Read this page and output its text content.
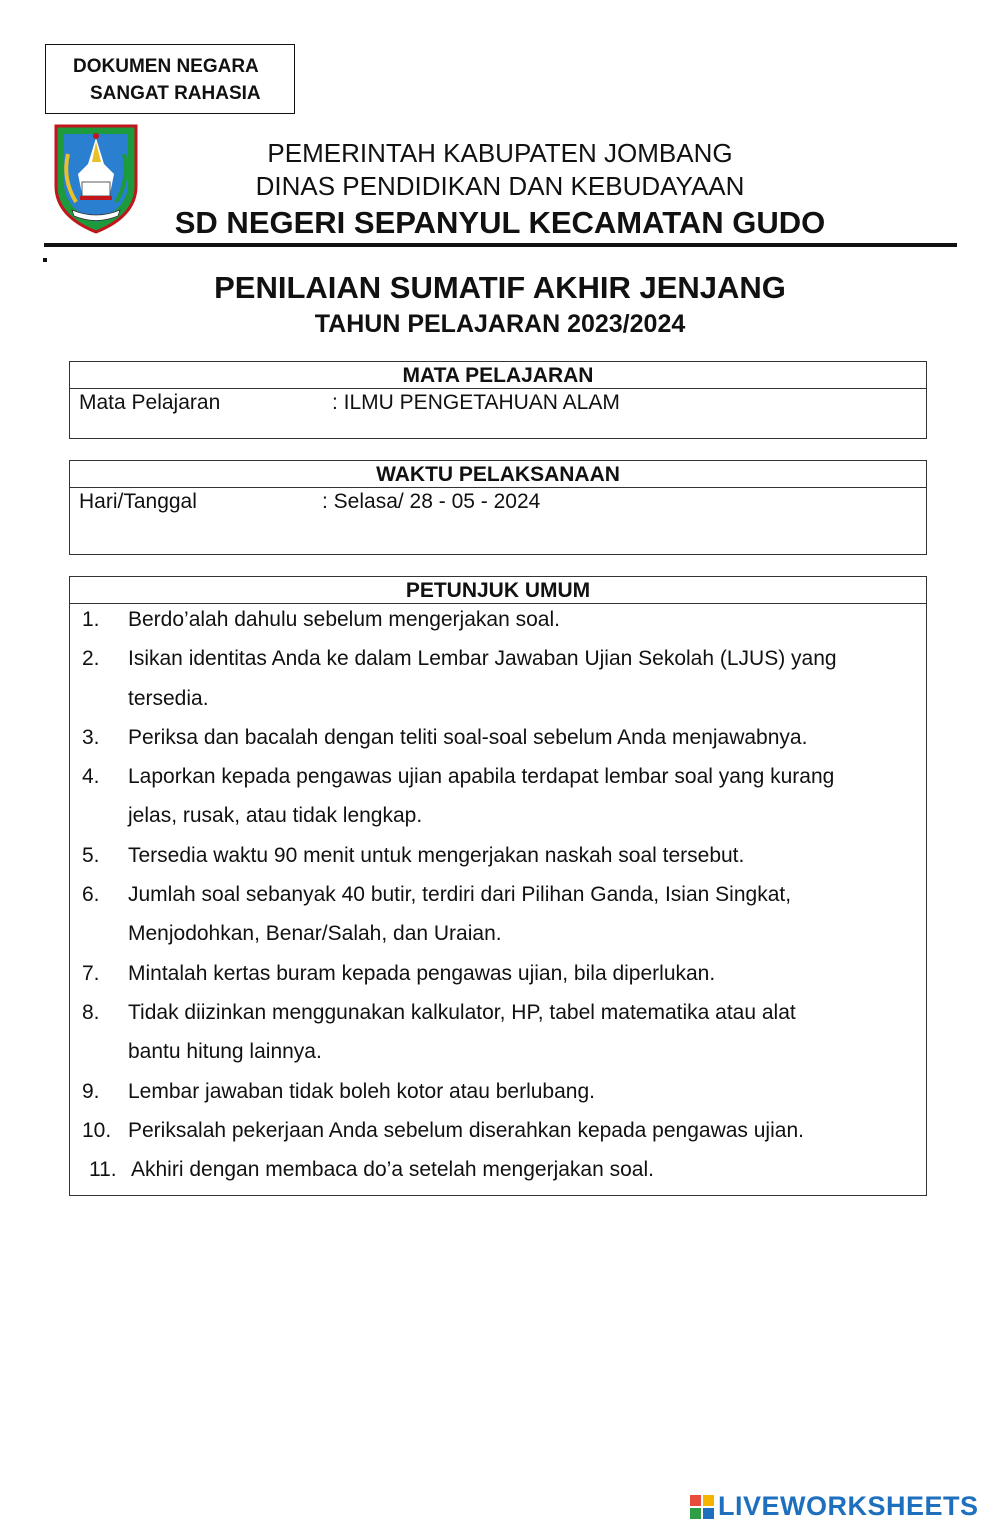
DOKUMEN NEGARA
SANGAT RAHASIA
PEMERINTAH KABUPATEN JOMBANG
DINAS PENDIDIKAN DAN KEBUDAYAAN
SD NEGERI SEPANYUL KECAMATAN GUDO
PENILAIAN SUMATIF AKHIR JENJANG
TAHUN PELAJARAN 2023/2024
MATA PELAJARAN
Mata Pelajaran	: ILMU PENGETAHUAN ALAM
WAKTU PELAKSANAAN
Hari/Tanggal	: Selasa/ 28 - 05 - 2024
PETUNJUK UMUM
1. Berdo’alah dahulu sebelum mengerjakan soal.
2. Isikan identitas Anda ke dalam Lembar Jawaban Ujian Sekolah (LJUS) yang
tersedia.
3. Periksa dan bacalah dengan teliti soal-soal sebelum Anda menjawabnya.
4. Laporkan kepada pengawas ujian apabila terdapat lembar soal yang kurang
jelas, rusak, atau tidak lengkap.
5. Tersedia waktu 90 menit untuk mengerjakan naskah soal tersebut.
6. Jumlah soal sebanyak 40 butir, terdiri dari Pilihan Ganda, Isian Singkat,
Menjodohkan, Benar/Salah, dan Uraian.
7. Mintalah kertas buram kepada pengawas ujian, bila diperlukan.
8. Tidak diizinkan menggunakan kalkulator, HP, tabel matematika atau alat
bantu hitung lainnya.
9. Lembar jawaban tidak boleh kotor atau berlubang.
10. Periksalah pekerjaan Anda sebelum diserahkan kepada pengawas ujian.
11. Akhiri dengan membaca do’a setelah mengerjakan soal.
LIVEWORKSHEETS
